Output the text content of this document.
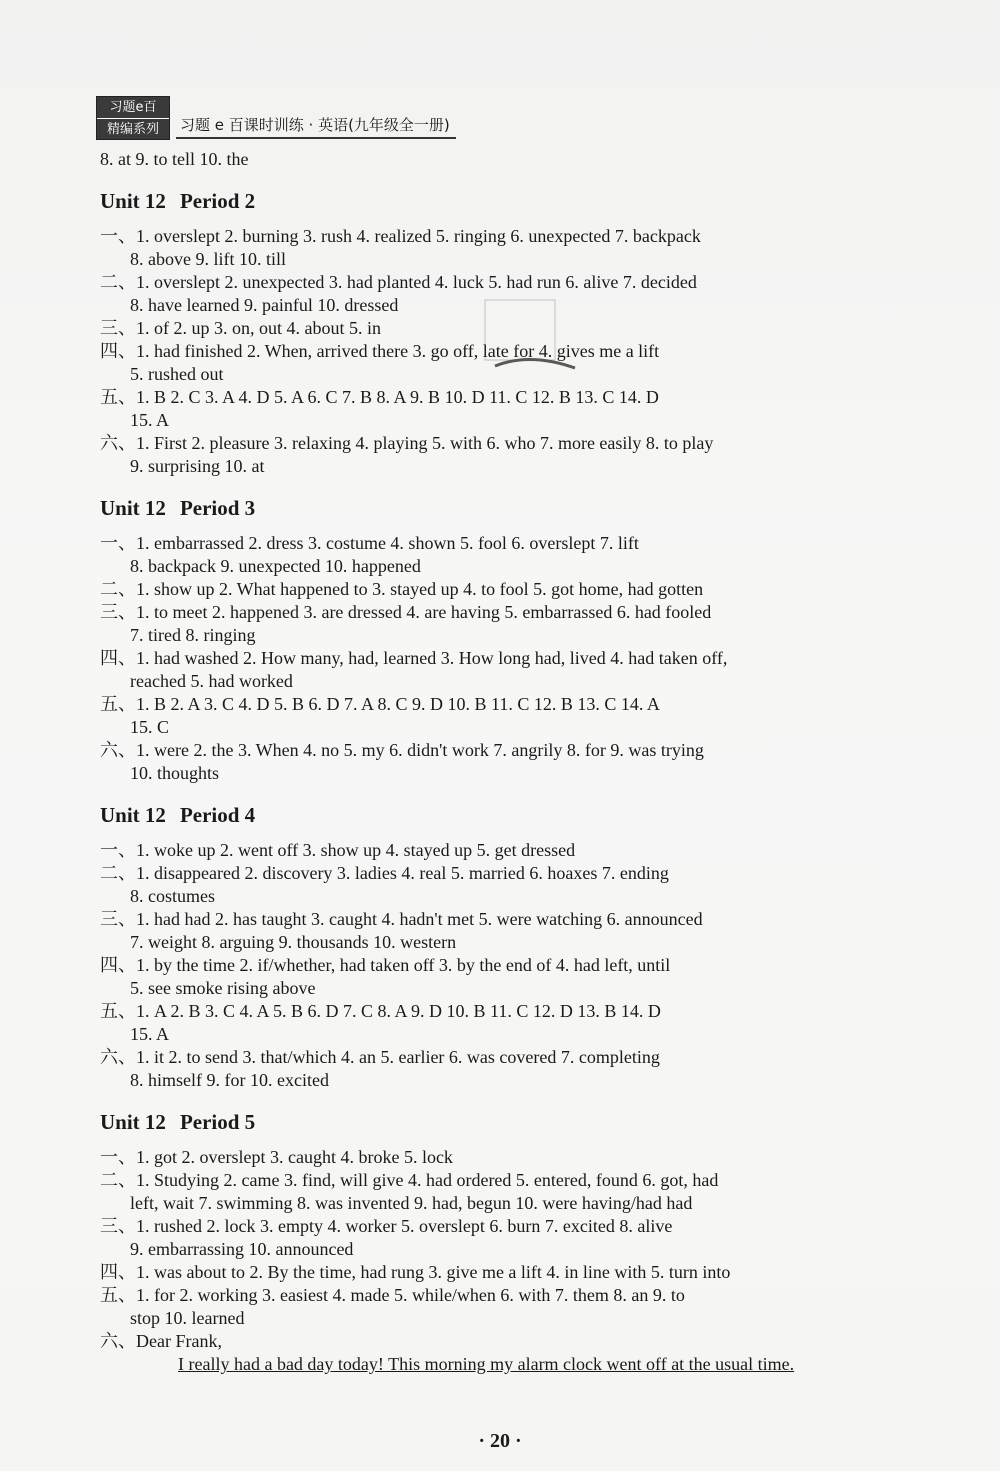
习题e百
精编系列	习题 e 百课时训练 · 英语(九年级全一册)
8. at 9. to tell 10. the
Unit 12 Period 2
一、1. overslept 2. burning 3. rush 4. realized 5. ringing 6. unexpected 7. backpack
8. above 9. lift 10. till
二、1. overslept 2. unexpected 3. had planted 4. luck 5. had run 6. alive 7. decided
8. have learned 9. painful 10. dressed
三、1. of 2. up 3. on, out 4. about 5. in
四、1. had finished 2. When, arrived there 3. go off, late for 4. gives me a lift
5. rushed out
五、1. B 2. C 3. A 4. D 5. A 6. C 7. B 8. A 9. B 10. D 11. C 12. B 13. C 14. D
15. A
六、1. First 2. pleasure 3. relaxing 4. playing 5. with 6. who 7. more easily 8. to play
9. surprising 10. at
Unit 12 Period 3
一、1. embarrassed 2. dress 3. costume 4. shown 5. fool 6. overslept 7. lift
8. backpack 9. unexpected 10. happened
二、1. show up 2. What happened to 3. stayed up 4. to fool 5. got home, had gotten
三、1. to meet 2. happened 3. are dressed 4. are having 5. embarrassed 6. had fooled
7. tired 8. ringing
四、1. had washed 2. How many, had, learned 3. How long had, lived 4. had taken off,
reached 5. had worked
五、1. B 2. A 3. C 4. D 5. B 6. D 7. A 8. C 9. D 10. B 11. C 12. B 13. C 14. A
15. C
六、1. were 2. the 3. When 4. no 5. my 6. didn't work 7. angrily 8. for 9. was trying
10. thoughts
Unit 12 Period 4
一、1. woke up 2. went off 3. show up 4. stayed up 5. get dressed
二、1. disappeared 2. discovery 3. ladies 4. real 5. married 6. hoaxes 7. ending
8. costumes
三、1. had had 2. has taught 3. caught 4. hadn't met 5. were watching 6. announced
7. weight 8. arguing 9. thousands 10. western
四、1. by the time 2. if/whether, had taken off 3. by the end of 4. had left, until
5. see smoke rising above
五、1. A 2. B 3. C 4. A 5. B 6. D 7. C 8. A 9. D 10. B 11. C 12. D 13. B 14. D
15. A
六、1. it 2. to send 3. that/which 4. an 5. earlier 6. was covered 7. completing
8. himself 9. for 10. excited
Unit 12 Period 5
一、1. got 2. overslept 3. caught 4. broke 5. lock
二、1. Studying 2. came 3. find, will give 4. had ordered 5. entered, found 6. got, had
left, wait 7. swimming 8. was invented 9. had, begun 10. were having/had had
三、1. rushed 2. lock 3. empty 4. worker 5. overslept 6. burn 7. excited 8. alive
9. embarrassing 10. announced
四、1. was about to 2. By the time, had rung 3. give me a lift 4. in line with 5. turn into
五、1. for 2. working 3. easiest 4. made 5. while/when 6. with 7. them 8. an 9. to
stop 10. learned
六、Dear Frank,
I really had a bad day today! This morning my alarm clock went off at the usual time.
· 20 ·
